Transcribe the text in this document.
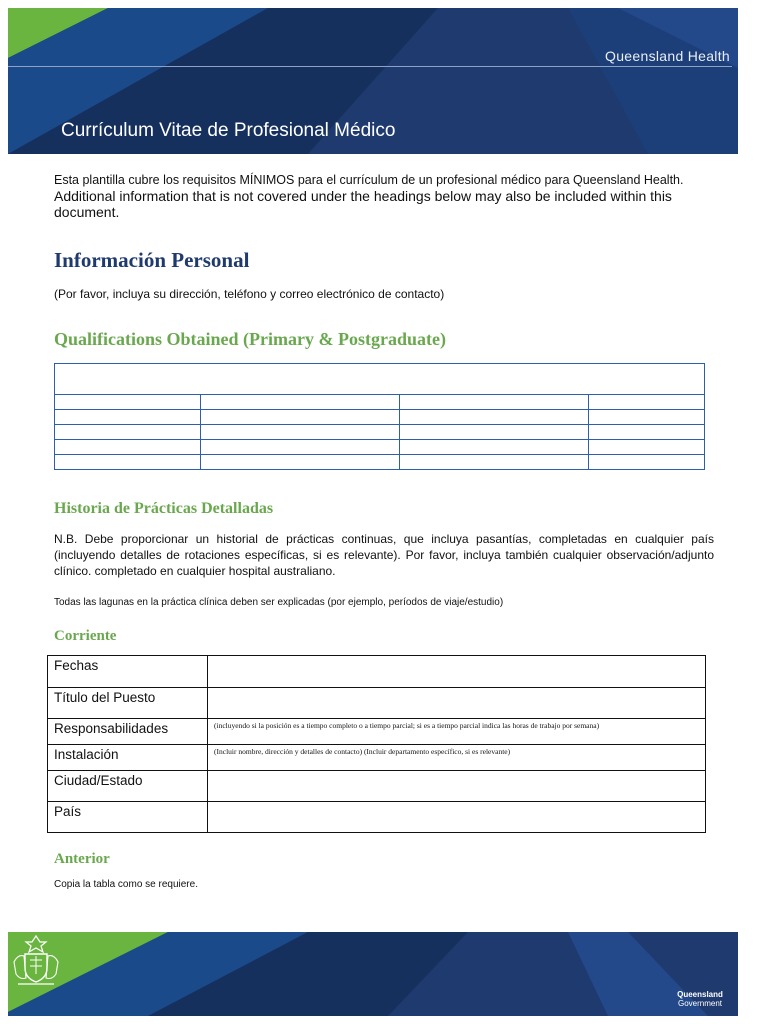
Queensland Health
Currículum Vitae de Profesional Médico
Esta plantilla cubre los requisitos MÍNIMOS para el currículum de un profesional médico para Queensland Health.
Additional information that is not covered under the headings below may also be included within this document.
Información Personal
(Por favor, incluya su dirección, teléfono y correo electrónico de contacto)
Qualifications Obtained (Primary & Postgraduate)

Historia de Prácticas Detalladas
N.B. Debe proporcionar un historial de prácticas continuas, que incluya pasantías, completadas en cualquier país (incluyendo detalles de rotaciones específicas, si es relevante). Por favor, incluya también cualquier observación/adjunto clínico. completado en cualquier hospital australiano.
Todas las lagunas en la práctica clínica deben ser explicadas (por ejemplo, períodos de viaje/estudio)
Corriente
Fechas	
Título del Puesto	
Responsabilidades	(incluyendo si la posición es a tiempo completo o a tiempo parcial; si es a tiempo parcial indica las horas de trabajo por semana)
Instalación	(Incluir nombre, dirección y detalles de contacto) (Incluir departamento específico, si es relevante)
Ciudad/Estado	
País	
Anterior
Copia la tabla como se requiere.
Queensland
Government
